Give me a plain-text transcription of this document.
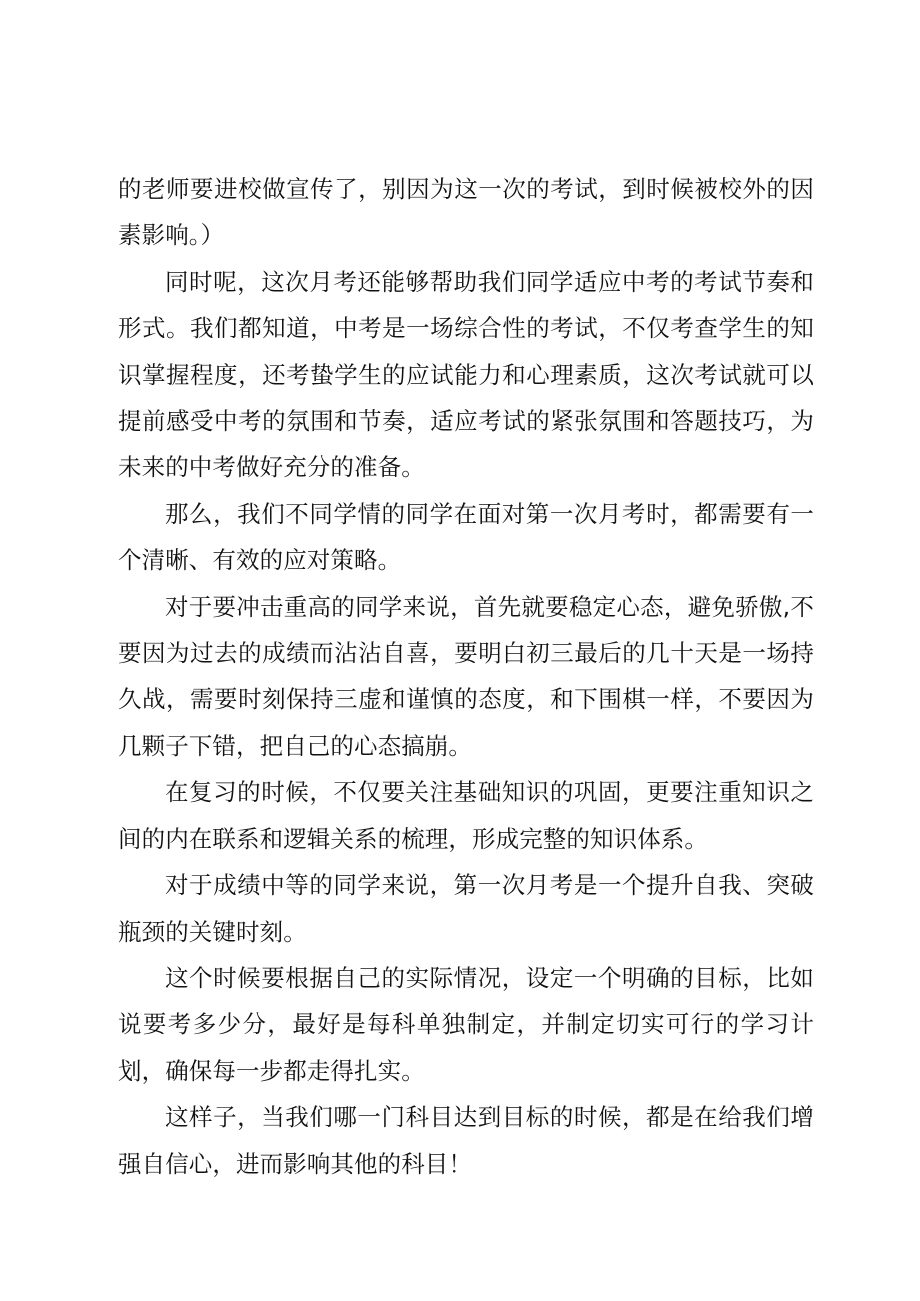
的老师要进校做宣传了，别因为这一次的考试，到时候被校外的因素影响。）

同时呢，这次月考还能够帮助我们同学适应中考的考试节奏和形式。我们都知道，中考是一场综合性的考试，不仅考查学生的知识掌握程度，还考蛰学生的应试能力和心理素质，这次考试就可以提前感受中考的氛围和节奏，适应考试的紧张氛围和答题技巧，为未来的中考做好充分的准备。

那么，我们不同学情的同学在面对第一次月考时，都需要有一个清晰、有效的应对策略。

对于要冲击重高的同学来说，首先就要稳定心态，避免骄傲,不要因为过去的成绩而沾沾自喜，要明白初三最后的几十天是一场持久战，需要时刻保持三虚和谨慎的态度，和下围棋一样，不要因为几颗子下错，把自己的心态搞崩。

在复习的时候，不仅要关注基础知识的巩固，更要注重知识之间的内在联系和逻辑关系的梳理，形成完整的知识体系。

对于成绩中等的同学来说，第一次月考是一个提升自我、突破瓶颈的关键时刻。

这个时候要根据自己的实际情况，设定一个明确的目标，比如说要考多少分，最好是每科单独制定，并制定切实可行的学习计划，确保每一步都走得扎实。

这样子，当我们哪一门科目达到目标的时候，都是在给我们增强自信心，进而影响其他的科目！
